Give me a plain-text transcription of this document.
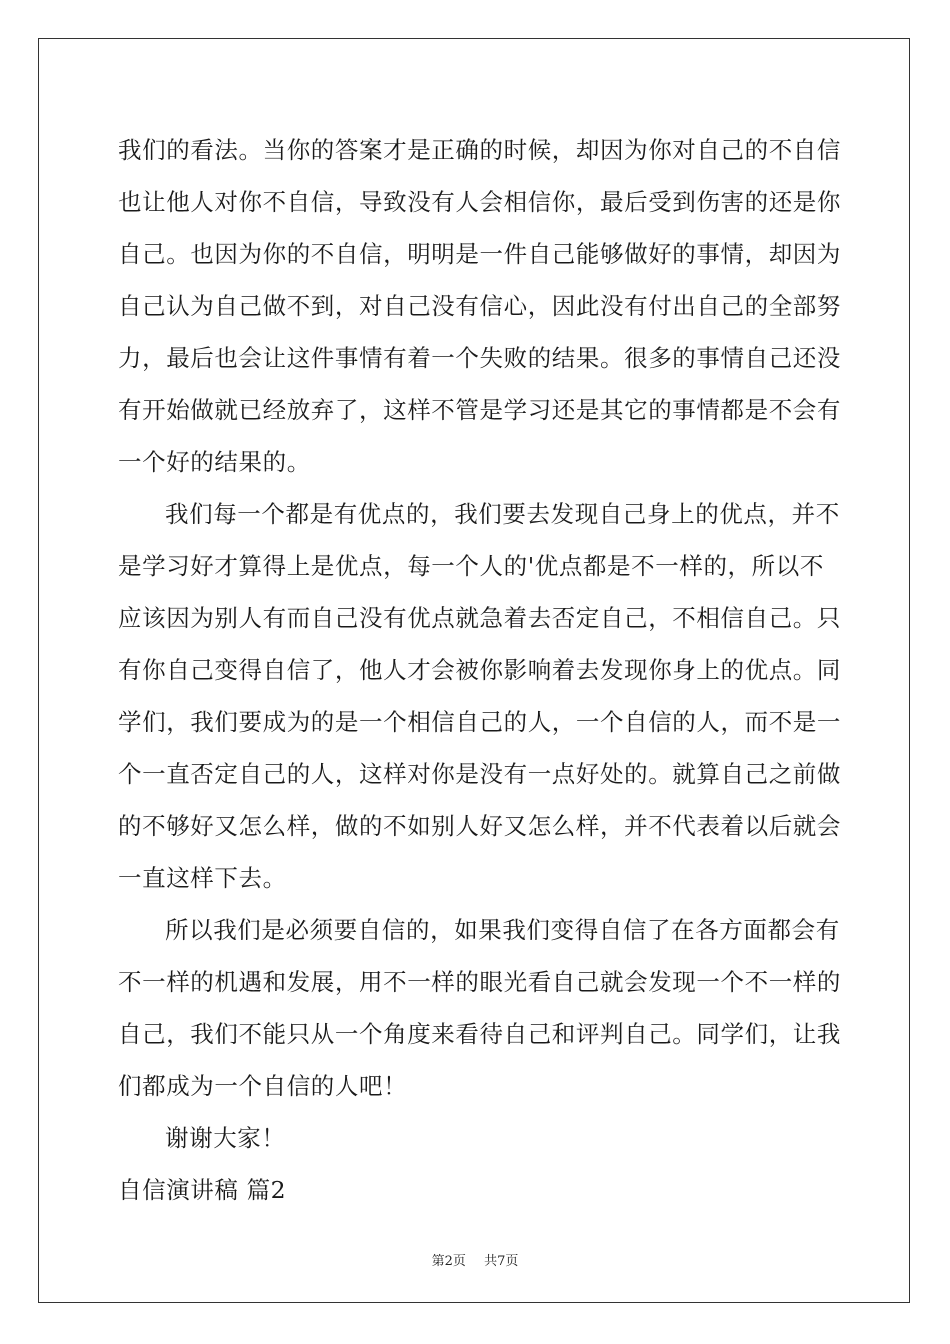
我们的看法。当你的答案才是正确的时候，却因为你对自己的不自信
也让他人对你不自信，导致没有人会相信你，最后受到伤害的还是你
自己。也因为你的不自信，明明是一件自己能够做好的事情，却因为
自己认为自己做不到，对自己没有信心，因此没有付出自己的全部努
力，最后也会让这件事情有着一个失败的结果。很多的事情自己还没
有开始做就已经放弃了，这样不管是学习还是其它的事情都是不会有
一个好的结果的。
我们每一个都是有优点的，我们要去发现自己身上的优点，并不
是学习好才算得上是优点，每一个人的'优点都是不一样的，所以不
应该因为别人有而自己没有优点就急着去否定自己，不相信自己。只
有你自己变得自信了，他人才会被你影响着去发现你身上的优点。同
学们，我们要成为的是一个相信自己的人，一个自信的人，而不是一
个一直否定自己的人，这样对你是没有一点好处的。就算自己之前做
的不够好又怎么样，做的不如别人好又怎么样，并不代表着以后就会
一直这样下去。
所以我们是必须要自信的，如果我们变得自信了在各方面都会有
不一样的机遇和发展，用不一样的眼光看自己就会发现一个不一样的
自己，我们不能只从一个角度来看待自己和评判自己。同学们，让我
们都成为一个自信的人吧！
谢谢大家！
自信演讲稿 篇2
第2页 共7页
